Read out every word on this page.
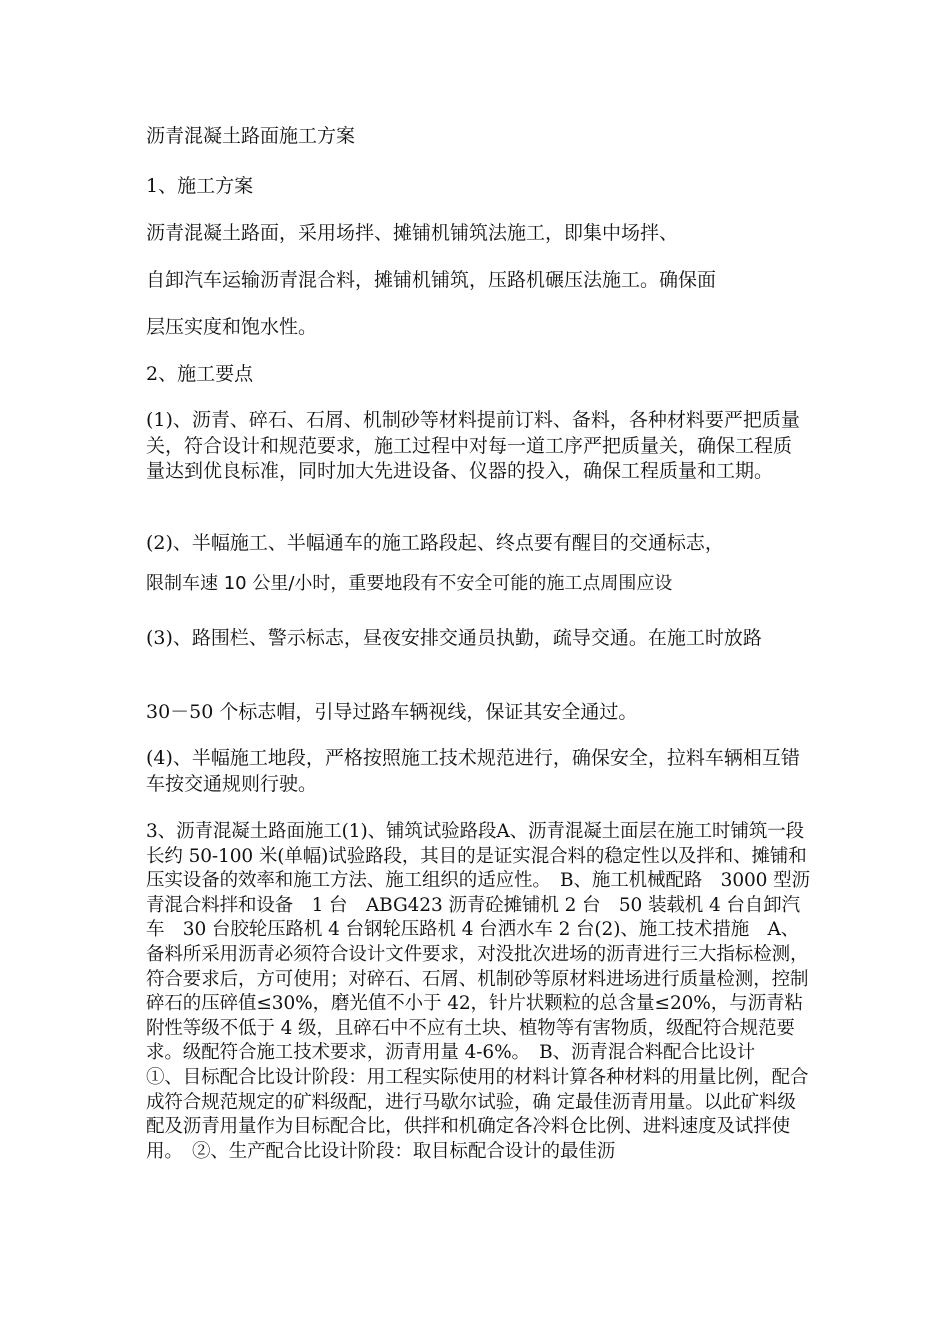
沥青混凝土路面施工方案

1、施工方案

沥青混凝土路面，采用场拌、摊铺机铺筑法施工，即集中场拌、

自卸汽车运输沥青混合料，摊铺机铺筑，压路机碾压法施工。确保面

层压实度和饱水性。

2、施工要点

(1)、沥青、碎石、石屑、机制砂等材料提前订料、备料，各种材料要严把质量关，符合设计和规范要求，施工过程中对每一道工序严把质量关，确保工程质量达到优良标准，同时加大先进设备、仪器的投入，确保工程质量和工期。

(2)、半幅施工、半幅通车的施工路段起、终点要有醒目的交通标志，

限制车速 10 公里/小时，重要地段有不安全可能的施工点周围应设

(3)、路围栏、警示标志，昼夜安排交通员执勤，疏导交通。在施工时放路

30－50 个标志帽，引导过路车辆视线，保证其安全通过。

(4)、半幅施工地段，严格按照施工技术规范进行，确保安全，拉料车辆相互错车按交通规则行驶。

3、沥青混凝土路面施工(1)、铺筑试验路段A、沥青混凝土面层在施工时铺筑一段长约 50-100 米(单幅)试验路段，其目的是证实混合料的稳定性以及拌和、摊铺和压实设备的效率和施工方法、施工组织的适应性。　B、施工机械配路　3000 型沥青混合料拌和设备　1 台　ABG423 沥青砼摊铺机 2 台　50 装载机 4 台自卸汽车　30 台胶轮压路机 4 台钢轮压路机 4 台洒水车 2 台(2)、施工技术措施　A、备料所采用沥青必须符合设计文件要求，对没批次进场的沥青进行三大指标检测，符合要求后，方可使用；对碎石、石屑、机制砂等原材料进场进行质量检测，控制碎石的压碎值≤30%，磨光值不小于 42，针片状颗粒的总含量≤20%，与沥青粘附性等级不低于 4 级，且碎石中不应有土块、植物等有害物质，级配符合规范要求。级配符合施工技术要求，沥青用量 4-6%。　B、沥青混合料配合比设计　①、目标配合比设计阶段：用工程实际使用的材料计算各种材料的用量比例，配合成符合规范规定的矿料级配，进行马歇尔试验，确 定最佳沥青用量。以此矿料级配及沥青用量作为目标配合比，供拌和机确定各冷料仓比例、进料速度及试拌使用。　②、生产配合比设计阶段：取目标配合设计的最佳沥
